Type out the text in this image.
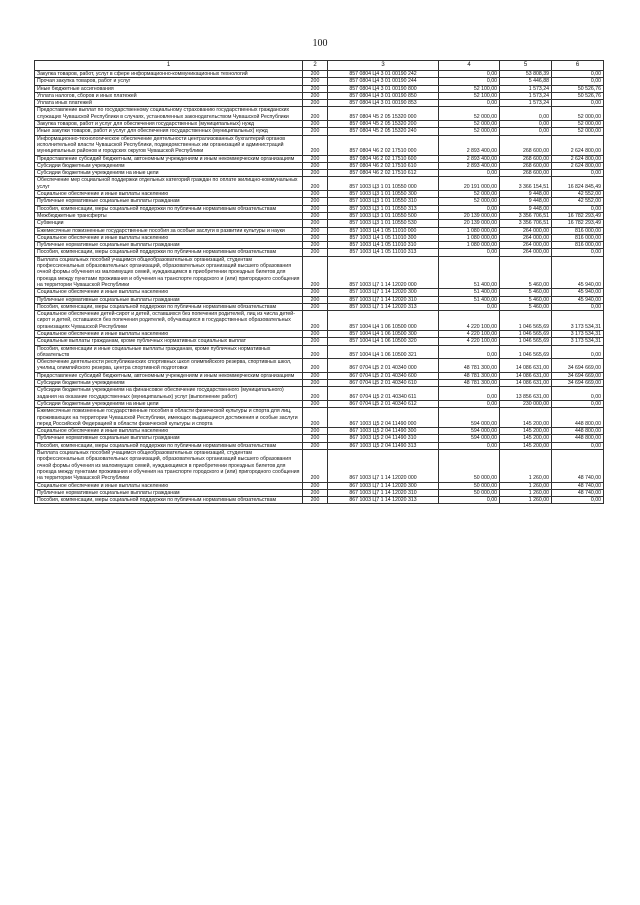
100
1	2	3	4	5	6
Закупка товаров, работ, услуг в сфере информационно-коммуникационных технологий	200	857 0804 Ц4 3 01 00190 242	0,00	53 808,39	0,00
Прочая закупка товаров, работ и услуг	200	857 0804 Ц4 3 01 00190 244	0,00	5 446,88	0,00
Иные бюджетные ассигнования	200	857 0804 Ц4 3 01 00190 800	52 100,00	1 573,24	50 526,76
Уплата налогов, сборов и иных платежей	200	857 0804 Ц4 3 01 00190 850	52 100,00	1 573,24	50 526,76
Уплата иных платежей	200	857 0804 Ц4 3 01 00190 853	0,00	1 573,24	0,00
Предоставление выплат по государственному социальному страхованию государственных гражданских служащих Чувашской Республики в случаях, установленных законодательством Чувашской Республики	200	857 0804 Ч5 2 05 15320 000	52 000,00	0,00	52 000,00
Закупка товаров, работ и услуг для обеспечения государственных (муниципальных) нужд	200	857 0804 Ч5 2 05 15320 200	52 000,00	0,00	52 000,00
Иные закупки товаров, работ и услуг для обеспечения государственных (муниципальных) нужд	200	857 0804 Ч5 2 05 15320 240	52 000,00	0,00	52 000,00
Информационно-технологическое обеспечение деятельности централизованных бухгалтерий органов исполнительной власти Чувашской Республики, подведомственных им организаций и администраций муниципальных районов и городских округов Чувашской Республики	200	857 0804 Ч6 2 02 17510 000	2 893 400,00	268 600,00	2 624 800,00
Предоставление субсидий бюджетным, автономным учреждениям и иным некоммерческим организациям	200	857 0804 Ч6 2 02 17510 600	2 893 400,00	268 600,00	2 624 800,00
Субсидии бюджетным учреждениям	200	857 0804 Ч6 2 02 17510 610	2 893 400,00	268 600,00	2 624 800,00
Субсидии бюджетным учреждениям на иные цели	200	857 0804 Ч6 2 02 17510 612	0,00	268 600,00	0,00
Обеспечение мер социальной поддержки отдельных категорий граждан по оплате жилищно-коммунальных услуг	200	857 1003 Ц3 1 01 10550 000	20 191 000,00	3 366 154,51	16 824 845,49
Социальное обеспечение и иные выплаты населению	200	857 1003 Ц3 1 01 10550 300	52 000,00	9 448,00	42 552,00
Публичные нормативные социальные выплаты гражданам	200	857 1003 Ц3 1 01 10550 310	52 000,00	9 448,00	42 552,00
Пособия, компенсации, меры социальной поддержки по публичным нормативным обязательствам	200	857 1003 Ц3 1 01 10550 313	0,00	9 448,00	0,00
Межбюджетные трансферты	200	857 1003 Ц3 1 01 10550 500	20 139 000,00	3 356 706,51	16 782 293,49
Субвенции	200	857 1003 Ц3 1 01 10550 530	20 139 000,00	3 356 706,51	16 782 293,49
Ежемесячные пожизненные государственные пособия за особые заслуги в развитии культуры и науки	200	857 1003 Ц4 1 05 11010 000	1 080 000,00	264 000,00	816 000,00
Социальное обеспечение и иные выплаты населению	200	857 1003 Ц4 1 05 11010 300	1 080 000,00	264 000,00	816 000,00
Публичные нормативные социальные выплаты гражданам	200	857 1003 Ц4 1 05 11010 310	1 080 000,00	264 000,00	816 000,00
Пособия, компенсации, меры социальной поддержки по публичным нормативным обязательствам	200	857 1003 Ц4 1 05 11010 313	0,00	264 000,00	0,00
Выплата социальных пособий учащимся общеобразовательных организаций, студентам профессиональных образовательных организаций, образовательных организаций высшего образования очной формы обучения из малоимущих семей, нуждающимся в приобретении проездных билетов для проезда между пунктами проживания и обучения на транспорте городского и (или) пригородного сообщения на территории Чувашской Республики	200	857 1003 Ц7 1 14 12020 000	51 400,00	5 460,00	45 940,00
Социальное обеспечение и иные выплаты населению	200	857 1003 Ц7 1 14 12020 300	51 400,00	5 460,00	45 940,00
Публичные нормативные социальные выплаты гражданам	200	857 1003 Ц7 1 14 12020 310	51 400,00	5 460,00	45 940,00
Пособия, компенсации, меры социальной поддержки по публичным нормативным обязательствам	200	857 1003 Ц7 1 14 12020 313	0,00	5 460,00	0,00
Социальное обеспечение детей-сирот и детей, оставшихся без попечения родителей, лиц из числа детей-сирот и детей, оставшихся без попечения родителей, обучающихся в государственных образовательных организациях Чувашской Республики	200	857 1004 Ц4 1 06 10500 000	4 220 100,00	1 046 565,69	3 173 534,31
Социальное обеспечение и иные выплаты населению	200	857 1004 Ц4 1 06 10500 300	4 220 100,00	1 046 565,69	3 173 534,31
Социальные выплаты гражданам, кроме публичных нормативных социальных выплат	200	857 1004 Ц4 1 06 10500 320	4 220 100,00	1 046 565,69	3 173 534,31
Пособия, компенсации и иные социальные выплаты гражданам, кроме публичных нормативных обязательств	200	857 1004 Ц4 1 06 10500 321	0,00	1 046 565,69	0,00
Обеспечение деятельности республиканских спортивных школ олимпийского резерва, спортивных школ, училищ олимпийского резерва, центра спортивной подготовки	200	867 0704 Ц5 2 01 40340 000	48 781 300,00	14 086 631,00	34 694 669,00
Предоставление субсидий бюджетным, автономным учреждениям и иным некоммерческим организациям	200	867 0704 Ц5 2 01 40340 600	48 781 300,00	14 086 631,00	34 694 669,00
Субсидии бюджетным учреждениям	200	867 0704 Ц5 2 01 40340 610	48 781 300,00	14 086 631,00	34 694 669,00
Субсидии бюджетным учреждениям на финансовое обеспечение государственного (муниципального) задания на оказание государственных (муниципальных) услуг (выполнение работ)	200	867 0704 Ц5 2 01 40340 611	0,00	13 856 631,00	0,00
Субсидии бюджетным учреждениям на иные цели	200	867 0704 Ц5 2 01 40340 612	0,00	230 000,00	0,00
Ежемесячные пожизненные государственные пособия в области физической культуры и спорта для лиц, проживающих на территории Чувашской Республики, имеющих выдающиеся достижения и особые заслуги перед Российской Федерацией в области физической культуры и спорта	200	867 1003 Ц5 2 04 11490 000	594 000,00	145 200,00	448 800,00
Социальное обеспечение и иные выплаты населению	200	867 1003 Ц5 2 04 11490 300	594 000,00	145 200,00	448 800,00
Публичные нормативные социальные выплаты гражданам	200	867 1003 Ц5 2 04 11490 310	594 000,00	145 200,00	448 800,00
Пособия, компенсации, меры социальной поддержки по публичным нормативным обязательствам	200	867 1003 Ц5 2 04 11490 313	0,00	145 200,00	0,00
Выплата социальных пособий учащимся общеобразовательных организаций, студентам профессиональных образовательных организаций, образовательных организаций высшего образования очной формы обучения из малоимущих семей, нуждающимся в приобретении проездных билетов для проезда между пунктами проживания и обучения на транспорте городского и (или) пригородного сообщения на территории Чувашской Республики	200	867 1003 Ц7 1 14 12020 000	50 000,00	1 260,00	48 740,00
Социальное обеспечение и иные выплаты населению	200	867 1003 Ц7 1 14 12020 300	50 000,00	1 260,00	48 740,00
Публичные нормативные социальные выплаты гражданам	200	867 1003 Ц7 1 14 12020 310	50 000,00	1 260,00	48 740,00
Пособия, компенсации, меры социальной поддержки по публичным нормативным обязательствам	200	867 1003 Ц7 1 14 12020 313	0,00	1 260,00	0,00
